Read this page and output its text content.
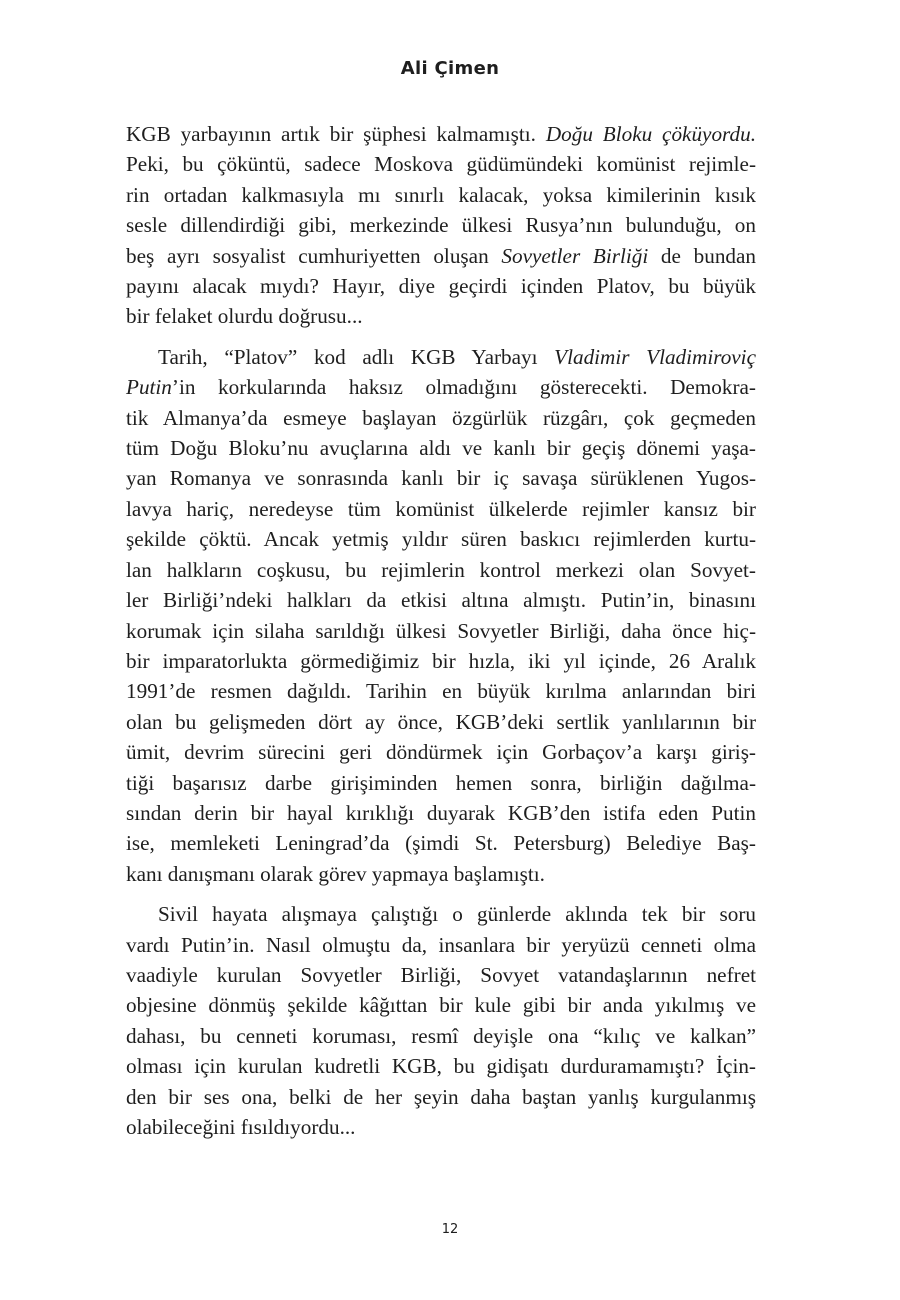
Ali Çimen
KGB yarbayının artık bir şüphesi kalmamıştı. Doğu Bloku çöküyordu.
Peki, bu çöküntü, sadece Moskova güdümündeki komünist rejimle-
rin ortadan kalkmasıyla mı sınırlı kalacak, yoksa kimilerinin kısık
sesle dillendirdiği gibi, merkezinde ülkesi Rusya’nın bulunduğu, on
beş ayrı sosyalist cumhuriyetten oluşan Sovyetler Birliği de bundan
payını alacak mıydı? Hayır, diye geçirdi içinden Platov, bu büyük
bir felaket olurdu doğrusu...
Tarih, “Platov” kod adlı KGB Yarbayı Vladimir Vladimiroviç
Putin’in korkularında haksız olmadığını gösterecekti. Demokra-
tik Almanya’da esmeye başlayan özgürlük rüzgârı, çok geçmeden
tüm Doğu Bloku’nu avuçlarına aldı ve kanlı bir geçiş dönemi yaşa-
yan Romanya ve sonrasında kanlı bir iç savaşa sürüklenen Yugos-
lavya hariç, neredeyse tüm komünist ülkelerde rejimler kansız bir
şekilde çöktü. Ancak yetmiş yıldır süren baskıcı rejimlerden kurtu-
lan halkların coşkusu, bu rejimlerin kontrol merkezi olan Sovyet-
ler Birliği’ndeki halkları da etkisi altına almıştı. Putin’in, binasını
korumak için silaha sarıldığı ülkesi Sovyetler Birliği, daha önce hiç-
bir imparatorlukta görmediğimiz bir hızla, iki yıl içinde, 26 Aralık
1991’de resmen dağıldı. Tarihin en büyük kırılma anlarından biri
olan bu gelişmeden dört ay önce, KGB’deki sertlik yanlılarının bir
ümit, devrim sürecini geri döndürmek için Gorbaçov’a karşı giriş-
tiği başarısız darbe girişiminden hemen sonra, birliğin dağılma-
sından derin bir hayal kırıklığı duyarak KGB’den istifa eden Putin
ise, memleketi Leningrad’da (şimdi St. Petersburg) Belediye Baş-
kanı danışmanı olarak görev yapmaya başlamıştı.
Sivil hayata alışmaya çalıştığı o günlerde aklında tek bir soru
vardı Putin’in. Nasıl olmuştu da, insanlara bir yeryüzü cenneti olma
vaadiyle kurulan Sovyetler Birliği, Sovyet vatandaşlarının nefret
objesine dönmüş şekilde kâğıttan bir kule gibi bir anda yıkılmış ve
dahası, bu cenneti koruması, resmî deyişle ona “kılıç ve kalkan”
olması için kurulan kudretli KGB, bu gidişatı durduramamıştı? İçin-
den bir ses ona, belki de her şeyin daha baştan yanlış kurgulanmış
olabileceğini fısıldıyordu...
12
